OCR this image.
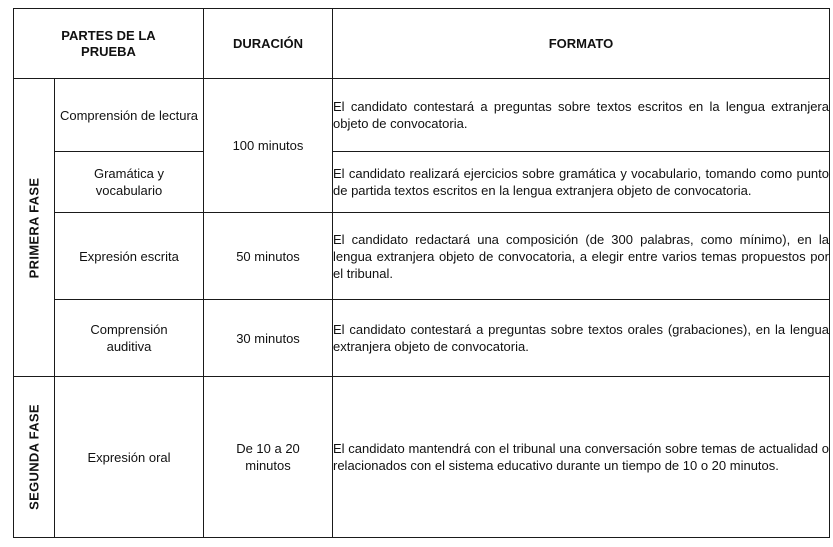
PARTES DE LA PRUEBA		DURACIÓN	FORMATO

PRIMERA FASE	Comprensión de lectura	100 minutos	El candidato contestará a preguntas sobre textos escritos en la lengua extranjera objeto de convocatoria.

	Gramática y vocabulario		El candidato realizará ejercicios sobre gramática y vocabulario, tomando como punto de partida textos escritos en la lengua extranjera objeto de convocatoria.
	Expresión escrita	50 minutos	El candidato redactará una composición (de 300 palabras, como mínimo), en la lengua extranjera objeto de convocatoria, a elegir entre varios temas propuestos por el tribunal.

	Comprensión auditiva	30 minutos	El candidato contestará a preguntas sobre textos orales (grabaciones), en la lengua extranjera objeto de convocatoria.

SEGUNDA FASE	Expresión oral	De 10 a 20 minutos	El candidato mantendrá con el tribunal una conversación sobre temas de actualidad o relacionados con el sistema educativo durante un tiempo de 10 o 20 minutos.
